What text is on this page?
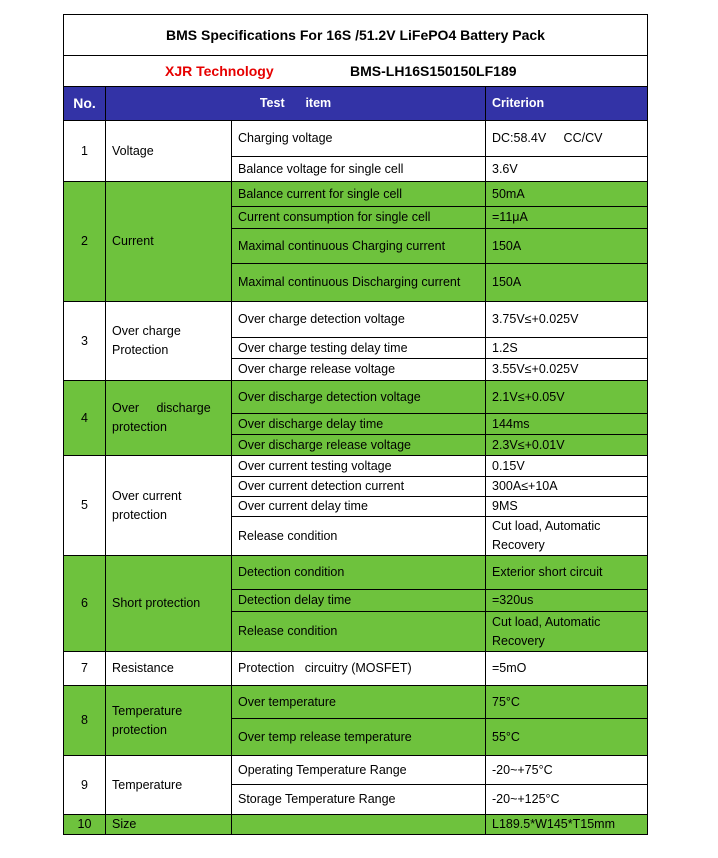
BMS Specifications For 16S /51.2V LiFePO4 Battery Pack			
XJR Technology BMS-LH16S150150LF189			
No.	Test      item		Criterion
1	Voltage	Charging voltage	DC:58.4V     CC/CV
		Balance voltage for single cell	3.6V
2	Current	Balance current for single cell	50mA
		Current consumption for single cell	=11μA
		Maximal continuous Charging current	150A
		Maximal continuous Discharging current	150A
3	Over charge Protection	Over charge detection voltage	3.75V≤+0.025V
		Over charge testing delay time	1.2S
		Over charge release voltage	3.55V≤+0.025V
4	Over     discharge protection	Over discharge detection voltage	2.1V≤+0.05V
		Over discharge delay time	144ms
		Over discharge release voltage	2.3V≤+0.01V
5	Over current protection	Over current testing voltage	0.15V
		Over current detection current	300A≤+10A
		Over current delay time	9MS
		Release condition	Cut load, Automatic Recovery
6	Short protection	Detection condition	Exterior short circuit
		Detection delay time	=320us
		Release condition	Cut load, Automatic Recovery
7	Resistance	Protection   circuitry (MOSFET)	=5mO
8	Temperature protection	Over temperature	75°C
		Over temp release temperature	55°C
9	Temperature	Operating Temperature Range	-20~+75°C
		Storage Temperature Range	-20~+125°C
10	Size		L189.5*W145*T15mm
